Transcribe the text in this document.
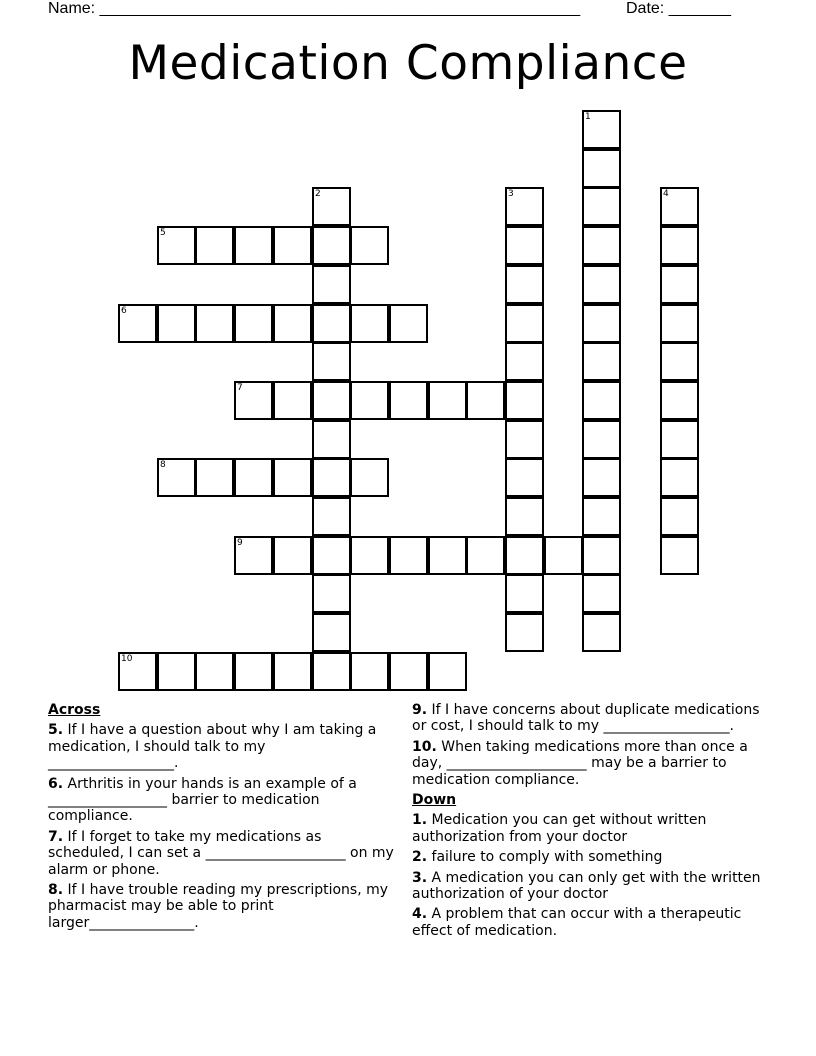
Name: ______________________________________________________	Date: _______
Medication Compliance
1
2	3	4
5
6
7
8
9
10
Across
5. If I have a question about why I am taking a medication, I should talk to my __________________.
6. Arthritis in your hands is an example of a _________________ barrier to medication compliance.
7. If I forget to take my medications as scheduled, I can set a ____________________ on my alarm or phone.
8. If I have trouble reading my prescriptions, my pharmacist may be able to print larger_______________.
9. If I have concerns about duplicate medications or cost, I should talk to my __________________.
10. When taking medications more than once a day, ____________________ may be a barrier to medication compliance.
Down
1. Medication you can get without written authorization from your doctor
2. failure to comply with something
3. A medication you can only get with the written authorization of your doctor
4. A problem that can occur with a therapeutic effect of medication.
